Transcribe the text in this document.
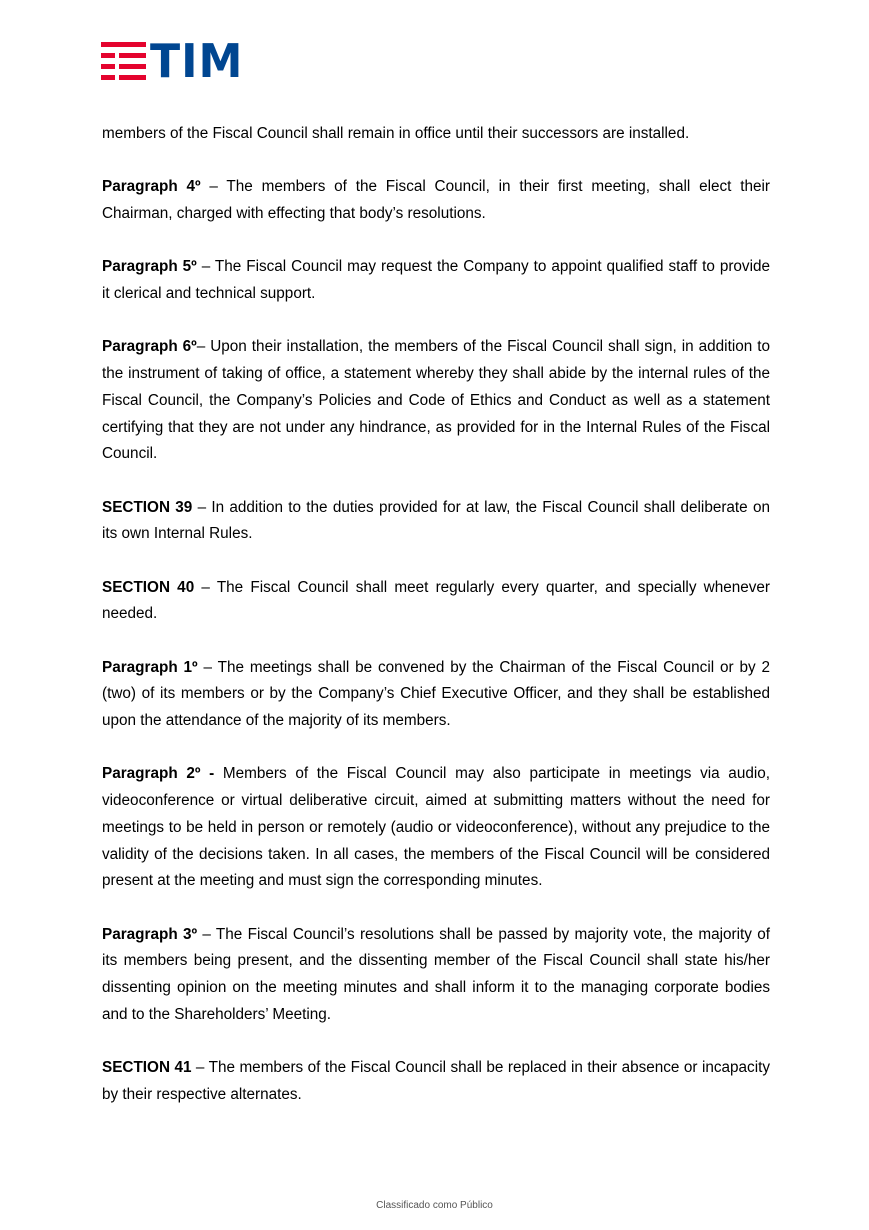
TIM

members of the Fiscal Council shall remain in office until their successors are installed.

Paragraph 4º – The members of the Fiscal Council, in their first meeting, shall elect their Chairman, charged with effecting that body’s resolutions.

Paragraph 5º – The Fiscal Council may request the Company to appoint qualified staff to provide it clerical and technical support.

Paragraph 6º– Upon their installation, the members of the Fiscal Council shall sign, in addition to the instrument of taking of office, a statement whereby they shall abide by the internal rules of the Fiscal Council, the Company’s Policies and Code of Ethics and Conduct as well as a statement certifying that they are not under any hindrance, as provided for in the Internal Rules of the Fiscal Council.

SECTION 39 – In addition to the duties provided for at law, the Fiscal Council shall deliberate on its own Internal Rules.

SECTION 40 – The Fiscal Council shall meet regularly every quarter, and specially whenever needed.

Paragraph 1º – The meetings shall be convened by the Chairman of the Fiscal Council or by 2 (two) of its members or by the Company’s Chief Executive Officer, and they shall be established upon the attendance of the majority of its members.

Paragraph 2º - Members of the Fiscal Council may also participate in meetings via audio, videoconference or virtual deliberative circuit, aimed at submitting matters without the need for meetings to be held in person or remotely (audio or videoconference), without any prejudice to the validity of the decisions taken. In all cases, the members of the Fiscal Council will be considered present at the meeting and must sign the corresponding minutes.

Paragraph 3º – The Fiscal Council’s resolutions shall be passed by majority vote, the majority of its members being present, and the dissenting member of the Fiscal Council shall state his/her dissenting opinion on the meeting minutes and shall inform it to the managing corporate bodies and to the Shareholders’ Meeting.

SECTION 41 – The members of the Fiscal Council shall be replaced in their absence or incapacity by their respective alternates.

Classificado como Público
